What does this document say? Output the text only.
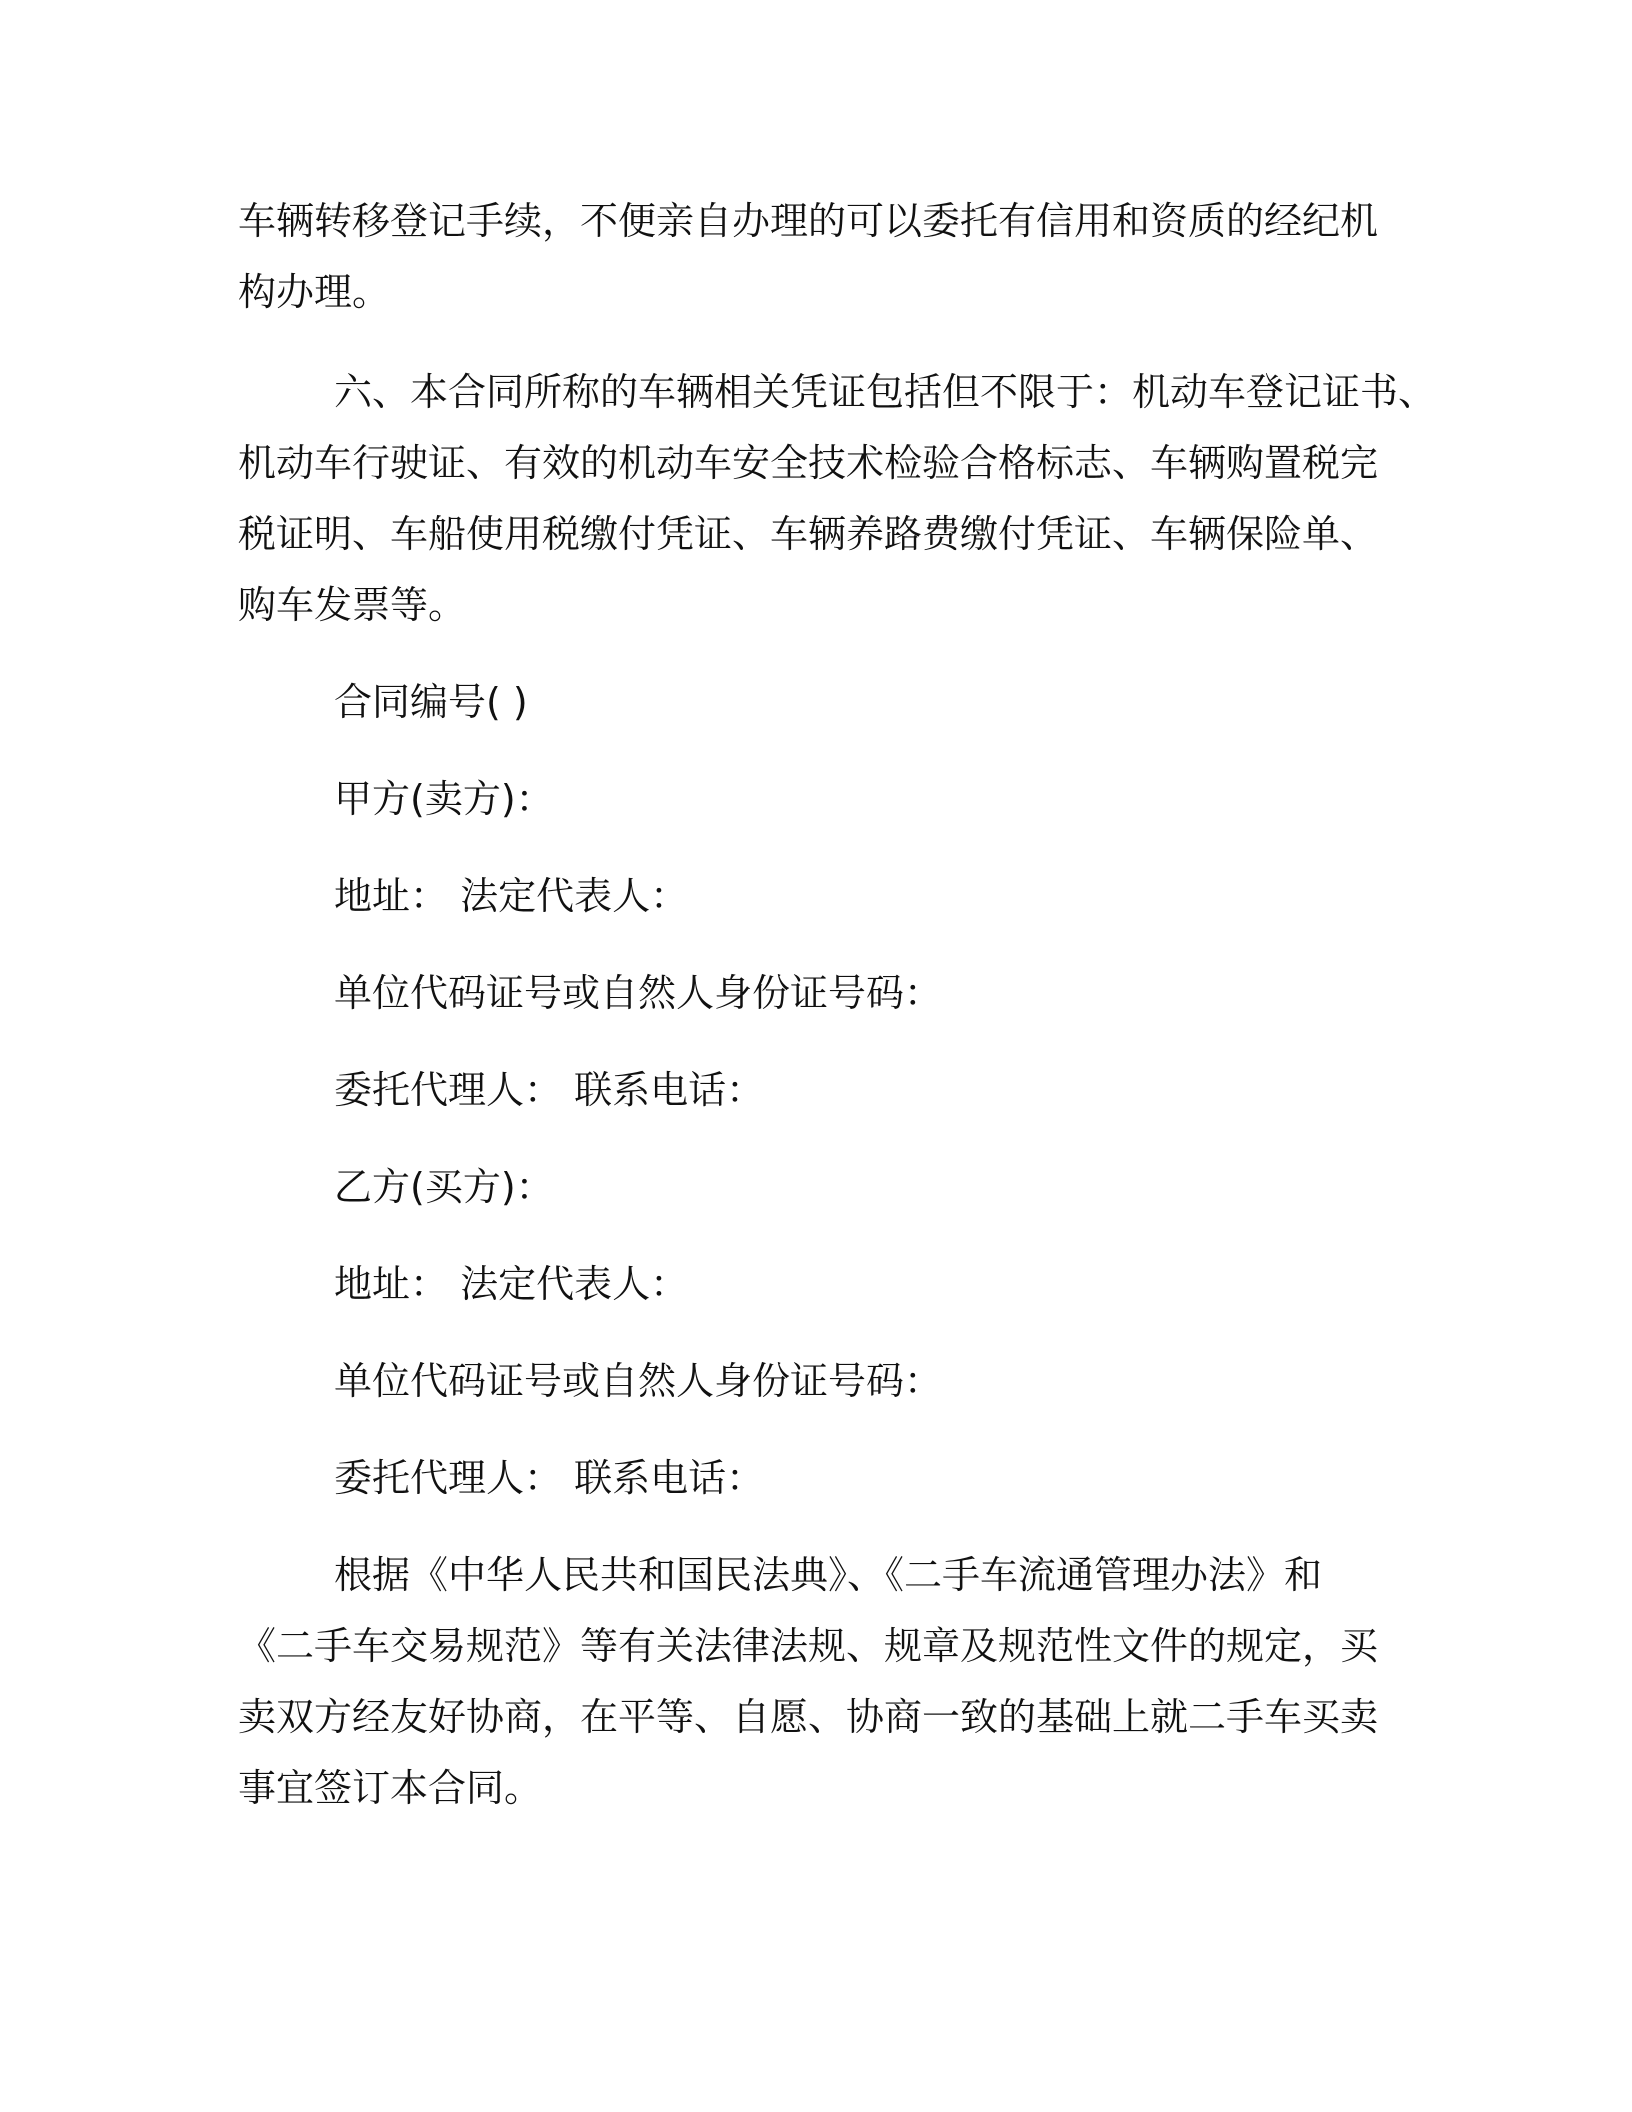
车辆转移登记手续，不便亲自办理的可以委托有信用和资质的经纪机
构办理。
六、本合同所称的车辆相关凭证包括但不限于：机动车登记证书、
机动车行驶证、有效的机动车安全技术检验合格标志、车辆购置税完
税证明、车船使用税缴付凭证、车辆养路费缴付凭证、车辆保险单、
购车发票等。
合同编号( )
甲方(卖方)：
地址： 法定代表人：
单位代码证号或自然人身份证号码：
委托代理人： 联系电话：
乙方(买方)：
地址： 法定代表人：
单位代码证号或自然人身份证号码：
委托代理人： 联系电话：
根据《中华人民共和国民法典》、《二手车流通管理办法》和
《二手车交易规范》等有关法律法规、规章及规范性文件的规定，买
卖双方经友好协商，在平等、自愿、协商一致的基础上就二手车买卖
事宜签订本合同。
